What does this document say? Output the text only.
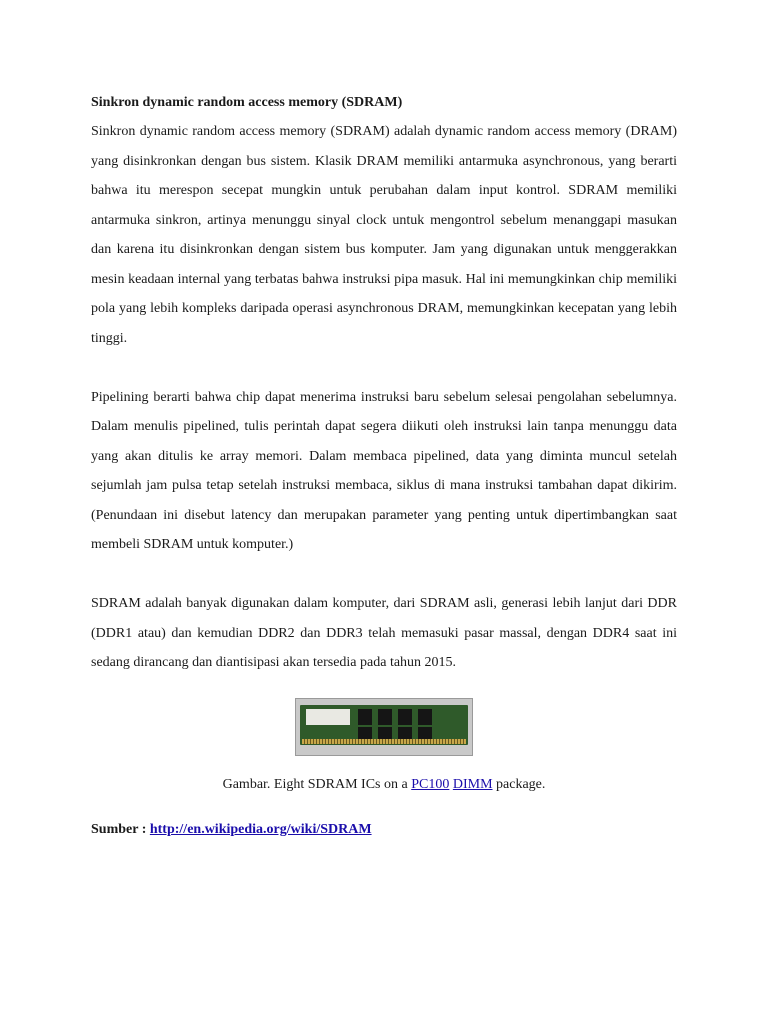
Sinkron dynamic random access memory (SDRAM)

Sinkron dynamic random access memory (SDRAM) adalah dynamic random access memory (DRAM) yang disinkronkan dengan bus sistem. Klasik DRAM memiliki antarmuka asynchronous, yang berarti bahwa itu merespon secepat mungkin untuk perubahan dalam input kontrol. SDRAM memiliki antarmuka sinkron, artinya menunggu sinyal clock untuk mengontrol sebelum menanggapi masukan dan karena itu disinkronkan dengan sistem bus komputer. Jam yang digunakan untuk menggerakkan mesin keadaan internal yang terbatas bahwa instruksi pipa masuk. Hal ini memungkinkan chip memiliki pola yang lebih kompleks daripada operasi asynchronous DRAM, memungkinkan kecepatan yang lebih tinggi.

Pipelining berarti bahwa chip dapat menerima instruksi baru sebelum selesai pengolahan sebelumnya. Dalam menulis pipelined, tulis perintah dapat segera diikuti oleh instruksi lain tanpa menunggu data yang akan ditulis ke array memori. Dalam membaca pipelined, data yang diminta muncul setelah sejumlah jam pulsa tetap setelah instruksi membaca, siklus di mana instruksi tambahan dapat dikirim. (Penundaan ini disebut latency dan merupakan parameter yang penting untuk dipertimbangkan saat membeli SDRAM untuk komputer.)

SDRAM adalah banyak digunakan dalam komputer, dari SDRAM asli, generasi lebih lanjut dari DDR (DDR1 atau) dan kemudian DDR2 dan DDR3 telah memasuki pasar massal, dengan DDR4 saat ini sedang dirancang dan diantisipasi akan tersedia pada tahun 2015.

Gambar. Eight SDRAM ICs on a PC100 DIMM package.
Sumber : http://en.wikipedia.org/wiki/SDRAM
